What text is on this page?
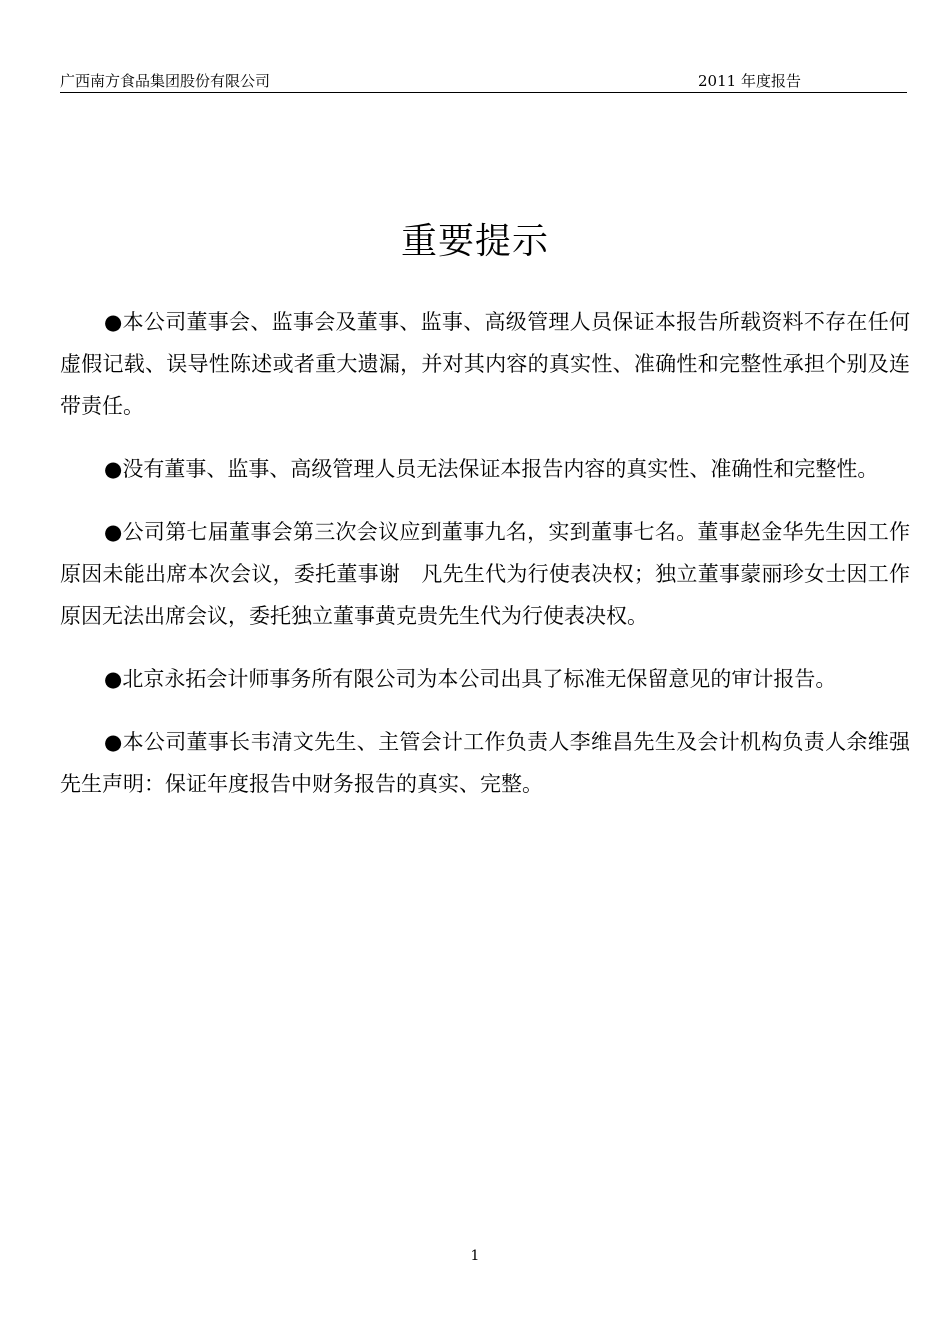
广西南方食品集团股份有限公司	2011 年度报告
重要提示

●本公司董事会、监事会及董事、监事、高级管理人员保证本报告所载资料不存在任何虚假记载、误导性陈述或者重大遗漏，并对其内容的真实性、准确性和完整性承担个别及连带责任。

●没有董事、监事、高级管理人员无法保证本报告内容的真实性、准确性和完整性。

●公司第七届董事会第三次会议应到董事九名，实到董事七名。董事赵金华先生因工作原因未能出席本次会议，委托董事谢　凡先生代为行使表决权；独立董事蒙丽珍女士因工作原因无法出席会议，委托独立董事黄克贵先生代为行使表决权。

●北京永拓会计师事务所有限公司为本公司出具了标准无保留意见的审计报告。

●本公司董事长韦清文先生、主管会计工作负责人李维昌先生及会计机构负责人余维强先生声明：保证年度报告中财务报告的真实、完整。

1
